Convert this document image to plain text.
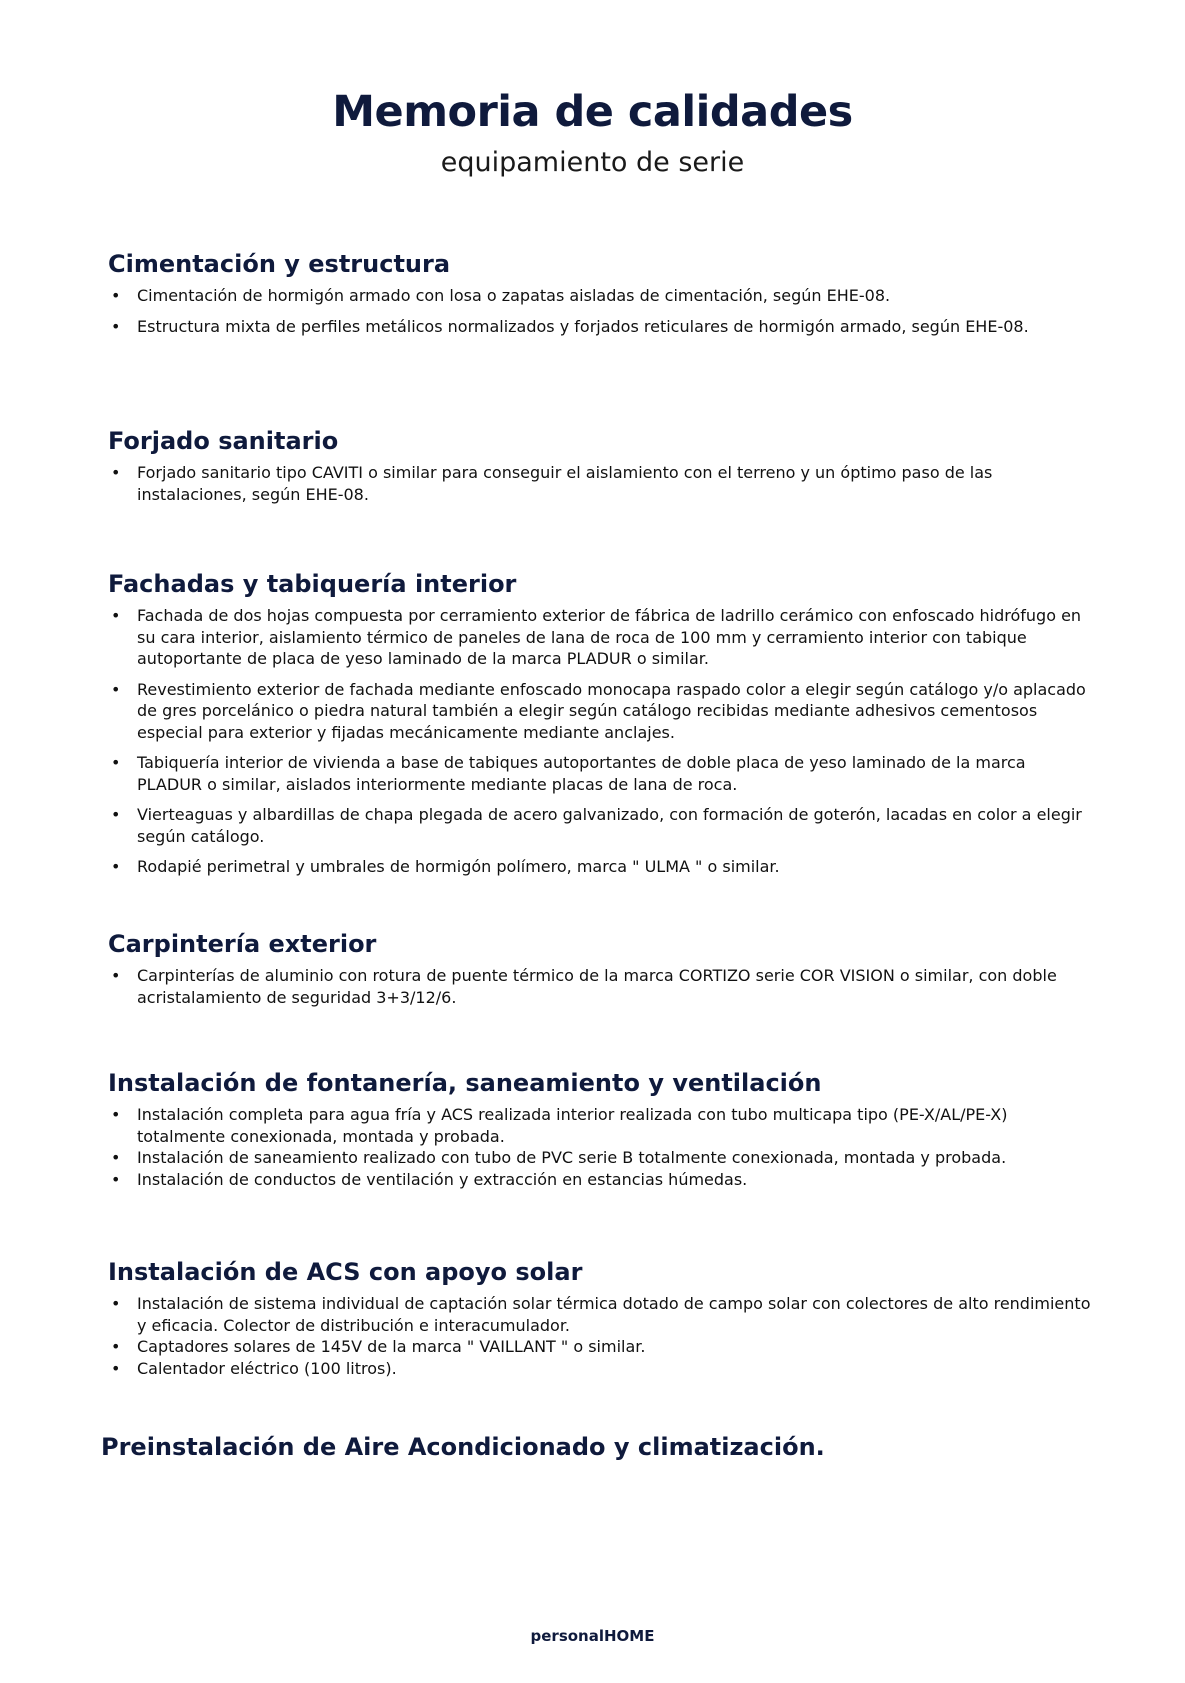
Memoria de calidades
equipamiento de serie
Cimentación y estructura
• Cimentación de hormigón armado con losa o zapatas aisladas de cimentación, según EHE-08.
• Estructura mixta de perfiles metálicos normalizados y forjados reticulares de hormigón armado, según EHE-08.
Forjado sanitario
• Forjado sanitario tipo CAVITI o similar para conseguir el aislamiento con el terreno y un óptimo paso de las instalaciones, según EHE-08.
Fachadas y tabiquería interior
• Fachada de dos hojas compuesta por cerramiento exterior de fábrica de ladrillo cerámico con enfoscado hidrófugo en su cara interior, aislamiento térmico de paneles de lana de roca de 100 mm y cerramiento interior con tabique autoportante de placa de yeso laminado de la marca PLADUR o similar.
• Revestimiento exterior de fachada mediante enfoscado monocapa raspado color a elegir según catálogo y/o aplacado de gres porcelánico o piedra natural también a elegir según catálogo recibidas mediante adhesivos cementosos especial para exterior y fijadas mecánicamente mediante anclajes.
• Tabiquería interior de vivienda a base de tabiques autoportantes de doble placa de yeso laminado de la marca PLADUR o similar, aislados interiormente mediante placas de lana de roca.
• Vierteaguas y albardillas de chapa plegada de acero galvanizado, con formación de goterón, lacadas en color a elegir según catálogo.
• Rodapié perimetral y umbrales de hormigón polímero, marca " ULMA " o similar.
Carpintería exterior
• Carpinterías de aluminio con rotura de puente térmico de la marca CORTIZO serie COR VISION o similar, con doble acristalamiento de seguridad 3+3/12/6.
Instalación de fontanería, saneamiento y ventilación
• Instalación completa para agua fría y ACS realizada interior realizada con tubo multicapa tipo (PE-X/AL/PE-X) totalmente conexionada, montada y probada.
• Instalación de saneamiento realizado con tubo de PVC serie B totalmente conexionada, montada y probada.
• Instalación de conductos de ventilación y extracción en estancias húmedas.
Instalación de ACS con apoyo solar
• Instalación de sistema individual de captación solar térmica dotado de campo solar con colectores de alto rendimiento y eficacia. Colector de distribución e interacumulador.
• Captadores solares de 145V de la marca " VAILLANT " o similar.
• Calentador eléctrico (100 litros).
Preinstalación de Aire Acondicionado y climatización.
personalHOME
